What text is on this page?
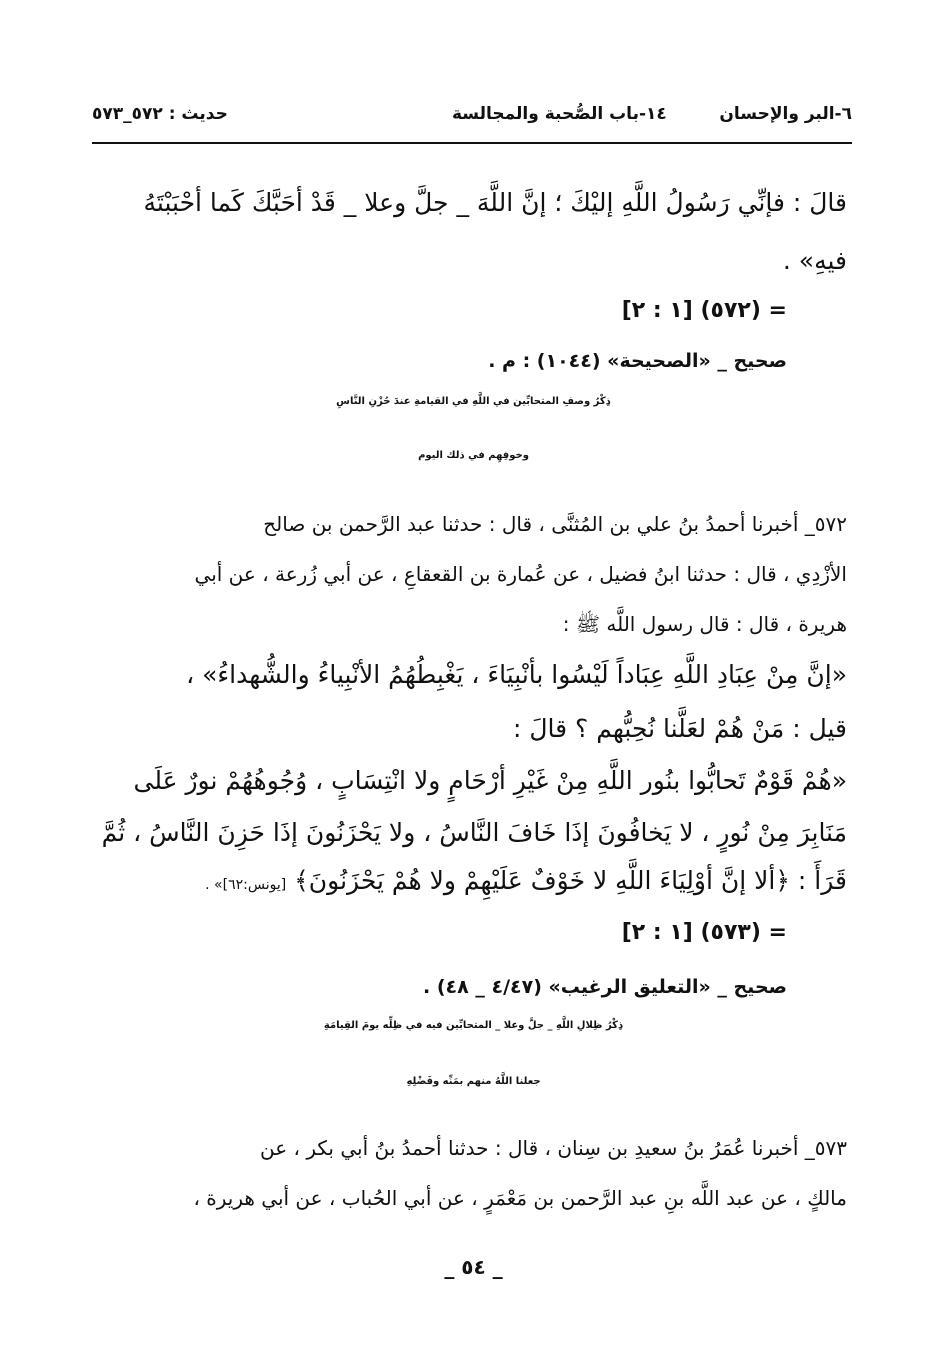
٦-البر والإحسان
١٤-باب الصُّحبة والمجالسة
حديث : ٥٧٢_٥٧٣
قالَ : فإنِّي رَسُولُ اللَّهِ إليْكَ ؛ إنَّ اللَّهَ _ جلَّ وعلا _ قَدْ أحَبَّكَ كَما أحْبَبْتَهُ
فيهِ» .
= (٥٧٢) [١ : ٢]
صحيح _ «الصحيحة» (١٠٤٤) : م .
ذِكْرُ وصفِ المتحابِّين في اللَّهِ في القيامةِ عندَ حُزْنِ النَّاسِ
وخوفِهِم في ذلك اليوم
٥٧٢_ أخبرنا أحمدُ بنُ علي بن المُثنَّى ، قال : حدثنا عبد الرَّحمن بن صالح
الأزْدِي ، قال : حدثنا ابنُ فضيل ، عن عُمارة بن القعقاعِ ، عن أبي زُرعة ، عن أبي
هريرة ، قال : قال رسول اللَّه ﷺ :
«إنَّ مِنْ عِبَادِ اللَّهِ عِبَاداً لَيْسُوا بأنْبِيَاءَ ، يَغْبِطُهُمُ الأنْبِياءُ والشُّهداءُ» ،
قيل : مَنْ هُمْ لعَلَّنا نُحِبُّهم ؟ قالَ :
«هُمْ قَوْمٌ تَحابُّوا بنُور اللَّهِ مِنْ غَيْرِ أرْحَامٍ ولا انْتِسَابٍ ، وُجُوهُهُمْ نورٌ عَلَى
مَنَابِرَ مِنْ نُورٍ ، لا يَخافُونَ إذَا خَافَ النَّاسُ ، ولا يَحْزَنُونَ إذَا حَزِنَ النَّاسُ ، ثُمَّ
قَرَأَ : ﴿ألا إنَّ أوْلِيَاءَ اللَّهِ لا خَوْفٌ عَلَيْهِمْ ولا هُمْ يَحْزَنُونَ﴾ [يونس:٦٢]» .
= (٥٧٣) [١ : ٢]
صحيح _ «التعليق الرغيب» (٤/٤٧ _ ٤٨) .
ذِكْرُ ظِلالِ اللَّهِ _ جلَّ وعلا _ المتحابِّين فيه في ظِلِّه يومَ القِيامَةِ
جعلنا اللَّهُ منهم بمَنِّه وفَضْلِهِ
٥٧٣_ أخبرنا عُمَرُ بنُ سعيدِ بن سِنان ، قال : حدثنا أحمدُ بنُ أبي بكر ، عن
مالكٍ ، عن عبد اللَّه بنِ عبد الرَّحمن بن مَعْمَرٍ ، عن أبي الحُباب ، عن أبي هريرة ،
_ ٥٤ _
